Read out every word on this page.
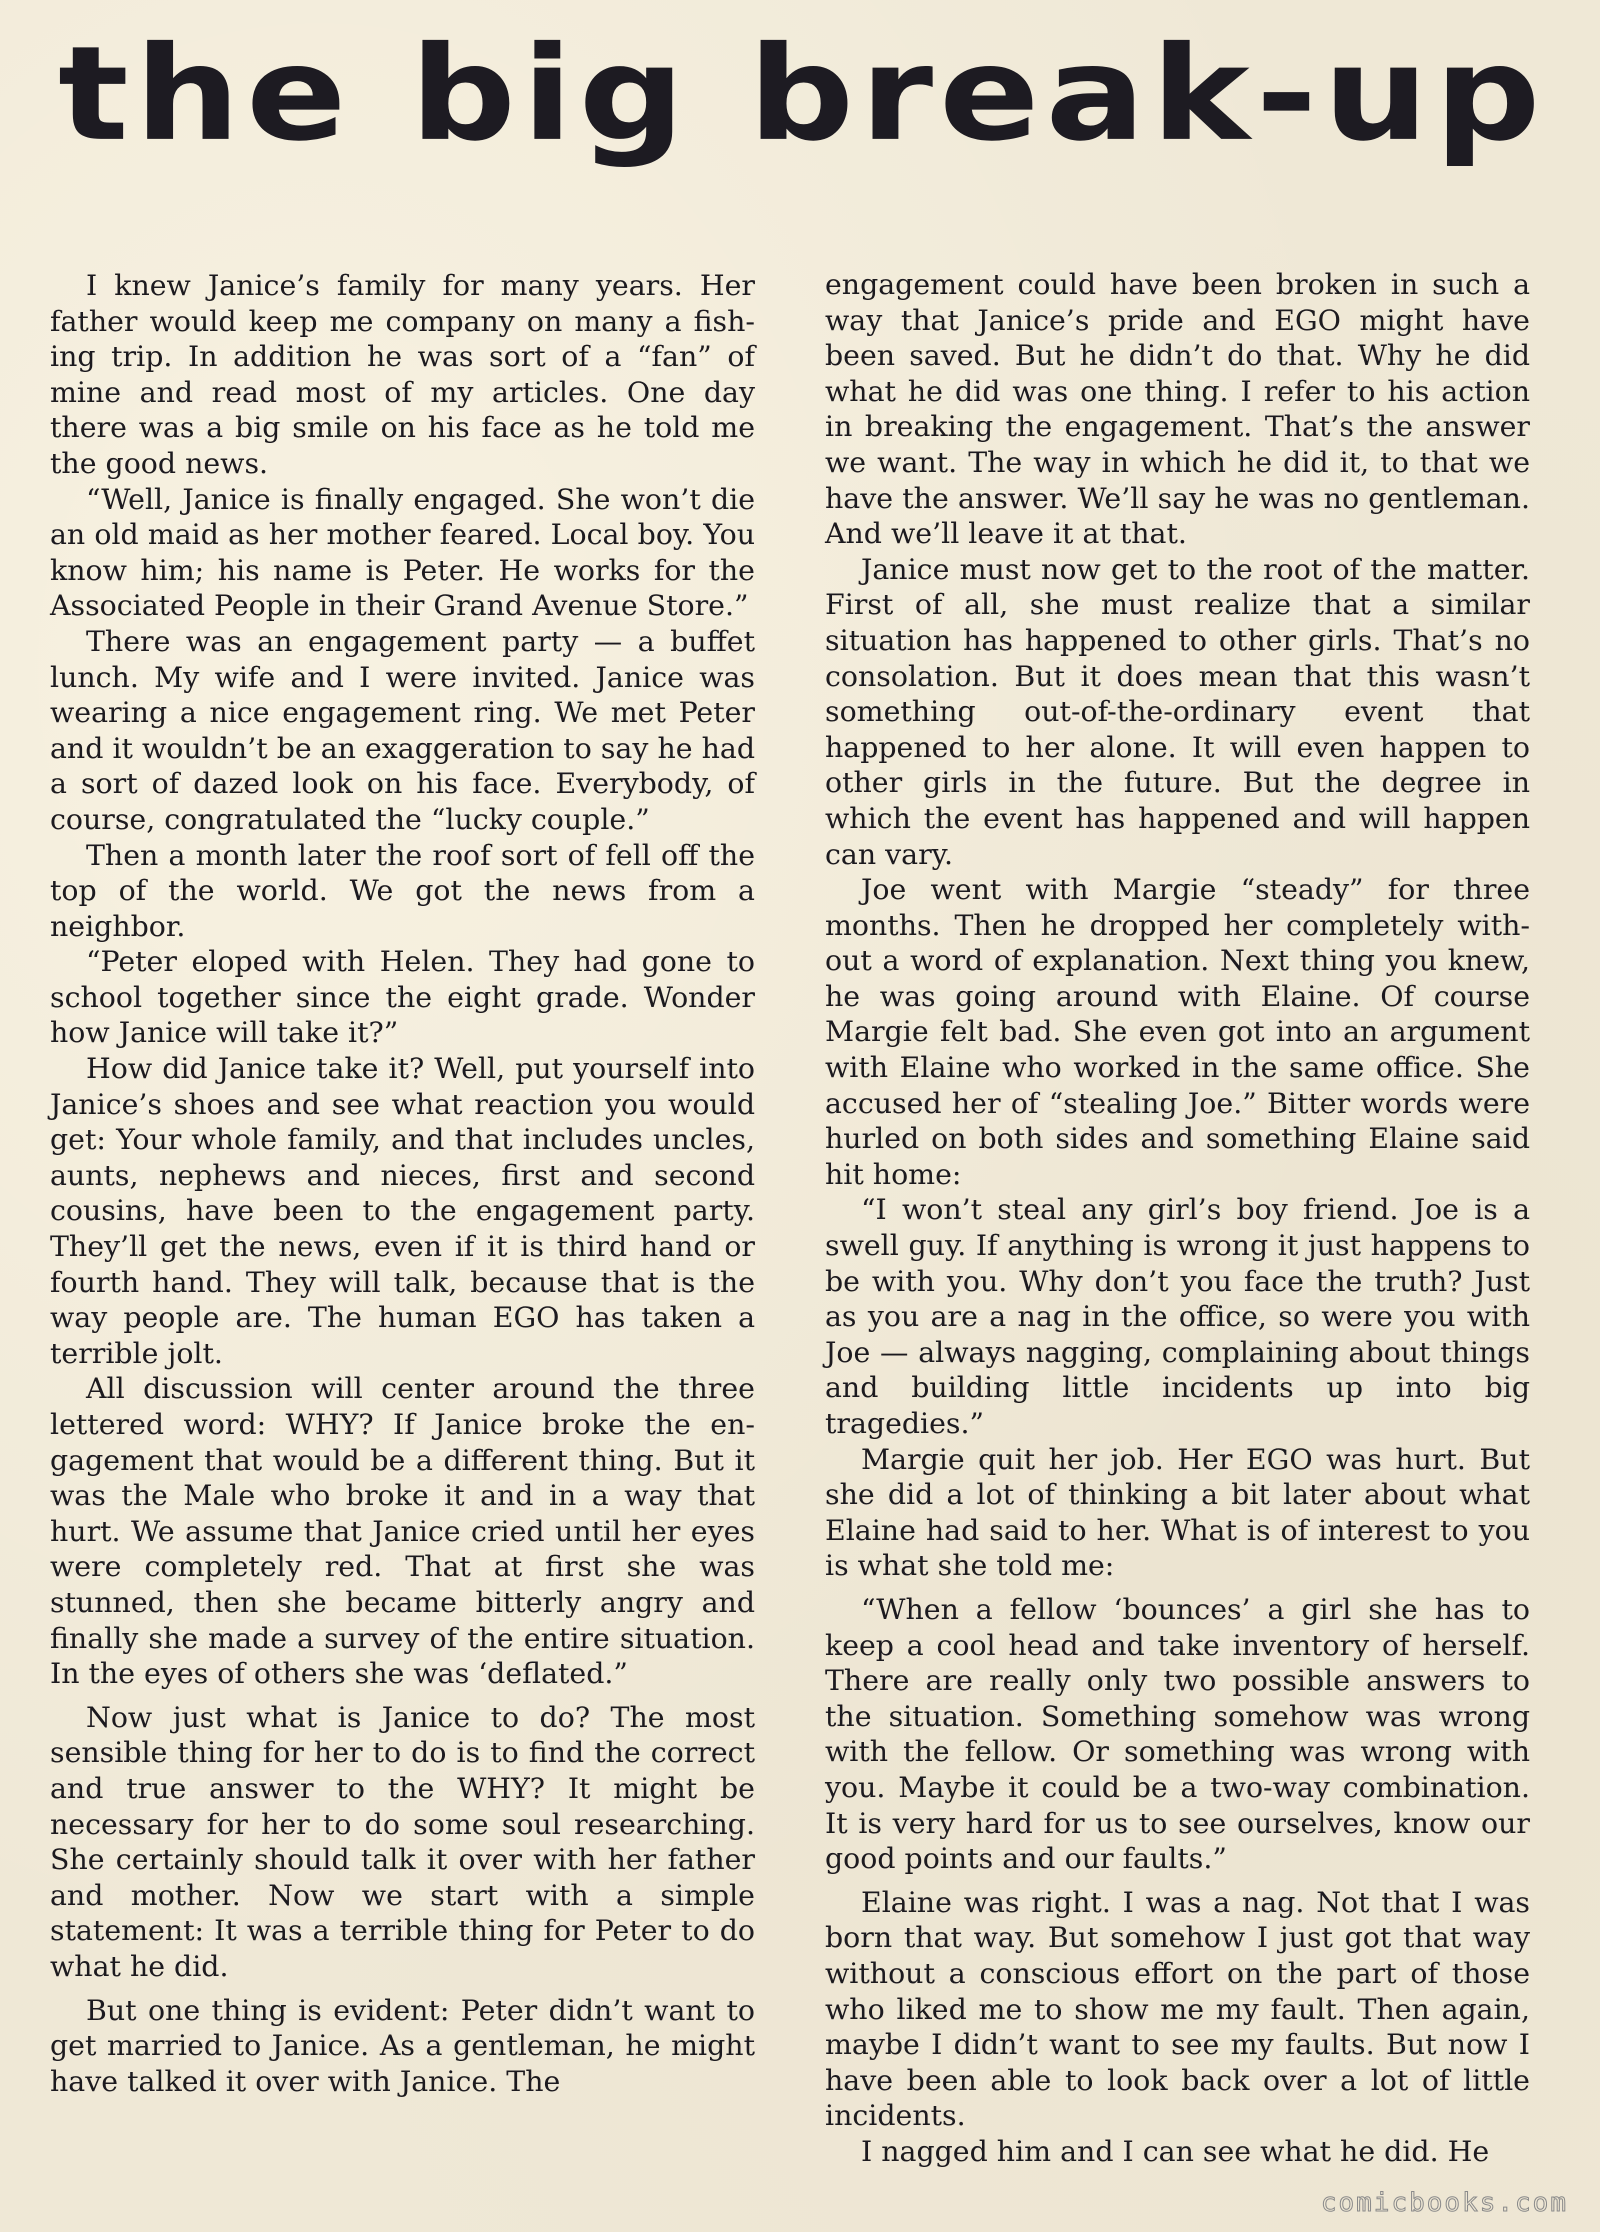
the big break-up

I knew Janice’s family for many years. Her father would keep me company on many a fishing trip. In addition he was sort of a “fan” of mine and read most of my articles. One day there was a big smile on his face as he told me the good news.

“Well, Janice is finally engaged. She won’t die an old maid as her mother feared. Local boy. You know him; his name is Peter. He works for the Associated People in their Grand Avenue Store.”

There was an engagement party — a buffet lunch. My wife and I were invited. Janice was wearing a nice engagement ring. We met Peter and it wouldn’t be an exaggeration to say he had a sort of dazed look on his face. Everybody, of course, congratulated the “lucky couple.”

Then a month later the roof sort of fell off the top of the world. We got the news from a neighbor.

“Peter eloped with Helen. They had gone to school together since the eight grade. Wonder how Janice will take it?”

How did Janice take it? Well, put yourself into Janice’s shoes and see what reaction you would get: Your whole family, and that includes uncles, aunts, nephews and nieces, first and second cousins, have been to the engagement party. They’ll get the news, even if it is third hand or fourth hand. They will talk, because that is the way people are. The human EGO has taken a terrible jolt.

All discussion will center around the three lettered word: WHY? If Janice broke the engagement that would be a different thing. But it was the Male who broke it and in a way that hurt. We assume that Janice cried until her eyes were completely red. That at first she was stunned, then she became bitterly angry and finally she made a survey of the entire situation. In the eyes of others she was ‘deflated.”

Now just what is Janice to do? The most sensible thing for her to do is to find the correct and true answer to the WHY? It might be necessary for her to do some soul researching. She certainly should talk it over with her father and mother. Now we start with a simple statement: It was a terrible thing for Peter to do what he did.

But one thing is evident: Peter didn’t want to get married to Janice. As a gentleman, he might have talked it over with Janice. The

engagement could have been broken in such a way that Janice’s pride and EGO might have been saved. But he didn’t do that. Why he did what he did was one thing. I refer to his action in breaking the engagement. That’s the answer we want. The way in which he did it, to that we have the answer. We’ll say he was no gentleman. And we’ll leave it at that.

Janice must now get to the root of the matter. First of all, she must realize that a similar situation has happened to other girls. That’s no consolation. But it does mean that this wasn’t something out-of-the-ordinary event that happened to her alone. It will even happen to other girls in the future. But the degree in which the event has happened and will happen can vary.

Joe went with Margie “steady” for three months. Then he dropped her completely without a word of explanation. Next thing you knew, he was going around with Elaine. Of course Margie felt bad. She even got into an argument with Elaine who worked in the same office. She accused her of “stealing Joe.” Bitter words were hurled on both sides and something Elaine said hit home:

“I won’t steal any girl’s boy friend. Joe is a swell guy. If anything is wrong it just happens to be with you. Why don’t you face the truth? Just as you are a nag in the office, so were you with Joe — always nagging, complaining about things and building little incidents up into big tragedies.”

Margie quit her job. Her EGO was hurt. But she did a lot of thinking a bit later about what Elaine had said to her. What is of interest to you is what she told me:

“When a fellow ‘bounces’ a girl she has to keep a cool head and take inventory of herself. There are really only two possible answers to the situation. Something somehow was wrong with the fellow. Or something was wrong with you. Maybe it could be a two-way combination. It is very hard for us to see ourselves, know our good points and our faults.”

Elaine was right. I was a nag. Not that I was born that way. But somehow I just got that way without a conscious effort on the part of those who liked me to show me my fault. Then again, maybe I didn’t want to see my faults. But now I have been able to look back over a lot of little incidents.

I nagged him and I can see what he did. He

comicbooks.com
